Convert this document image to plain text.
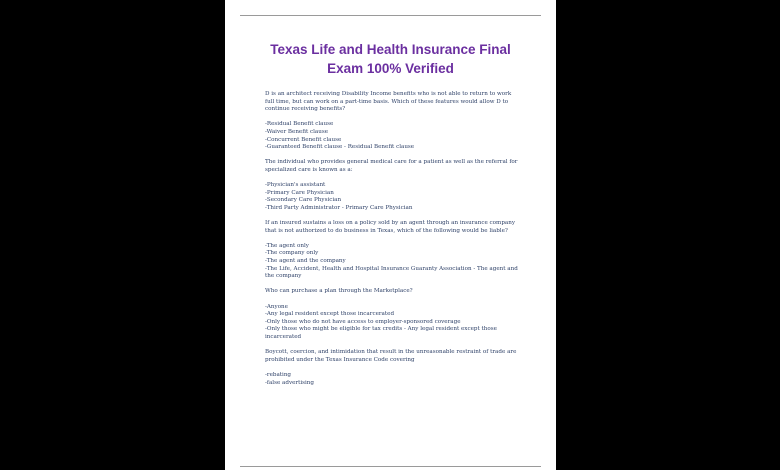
Texas Life and Health Insurance Final
Exam 100% Verified

D is an architect receiving Disability Income benefits who is not able to return to work full time, but can work on a part-time basis. Which of these features would allow D to continue receiving benefits?

-Residual Benefit clause
-Waiver Benefit clause
-Concurrent Benefit clause
-Guaranteed Benefit clause - Residual Benefit clause

The individual who provides general medical care for a patient as well as the referral for specialized care is known as a:

-Physician's assistant
-Primary Care Physician
-Secondary Care Physician
-Third Party Administrator - Primary Care Physician

If an insured sustains a loss on a policy sold by an agent through an insurance company that is not authorized to do business in Texas, which of the following would be liable?

-The agent only
-The company only
-The agent and the company
-The Life, Accident, Health and Hospital Insurance Guaranty Association - The agent and the company

Who can purchase a plan through the Marketplace?

-Anyone
-Any legal resident except those incarcerated
-Only those who do not have access to employer-sponsored coverage
-Only those who might be eligible for tax credits - Any legal resident except those incarcerated

Boycott, coercion, and intimidation that result in the unreasonable restraint of trade are prohibited under the Texas Insurance Code covering

-rebating
-false advertising
